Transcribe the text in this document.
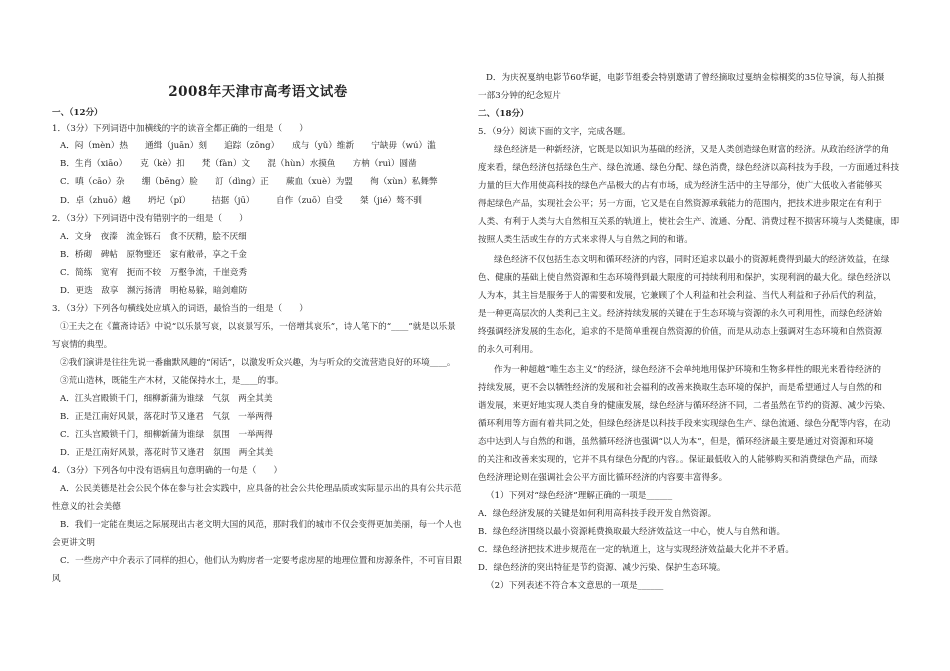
2008年天津市高考语文试卷
一、（12分）
1．（3分）下列词语中加横线的字的读音全都正确的一组是（　　）
A．闷（mèn）热　　通缉（juān）刻　　追踪（zōng）　　成与（yǔ）维新　　宁缺毋（wú）滥
B．生肖（xiāo）　　克（kè）扣　　梵（fàn）文　　混（hùn）水摸鱼　　方枘（ruì）圆凿
C．嗔（cāo）杂　　绷（bēng）脸　　訂（dìng）正　　蕨血（xuè）为盟　　徇（xùn）私舞弊
D．卓（zhuō）越　　坍圮（pǐ）　　　拮据（jū）　　　自作（zuō）自受　　桀（jié）骜不驯
2．（3分）下列词语中没有错别字的一组是（　　）
A．文身　夜溱　流金铄石　食不厌精，脍不厌细
B．桥砌　碑帖　原物璧还　家有敝帚，享之千金
C．简练　宽宥　扼而不较　万壑争流，千崖竞秀
D．更迭　敌享　濒污扬清　明枪易躲，暗剑难防
3．（3分）下列各句横线处应填入的词语，最恰当的一组是（　　）
①王夫之在《薑斋诗话》中说“以乐景写哀，以哀景写乐，一倍增其哀乐”，诗人笔下的“____”就是以乐景
写哀情的典型。
②我们演讲是往往先说一番幽默风趣的“闲话”，以激发听众兴趣，为与听众的交流营造良好的环境____。
③荒山造林，既能生产木材，又能保持水土，是____的事。
A．江头宫殿锁千门，细柳新蒲为谁绿　气氛　两全其美
B．正是江南好风景，落花时节又逢君　气氛　一举两得
C．江头宫殿锁千门，细柳新蒲为谁绿　氛围　一举两得
D．正是江南好风景，落花时节又逢君　氛围　两全其美
4．（3分）下列各句中没有语病且句意明确的一句是（　　）
A．公民美德是社会公民个体在参与社会实践中，应具备的社会公共伦理品质或实际显示出的具有公共示范
性意义的社会美德
B．我们一定能在奥运之际展现出古老文明大国的风范，那时我们的城市不仅会变得更加美丽，每一个人也
会更讲文明
C．一些房产中介表示了同样的担心，他们认为购房者一定要考虑房屋的地理位置和房源条件，不可盲目跟
风
D．为庆祝戛纳电影节60华诞，电影节组委会特别邀请了曾经摘取过戛纳金棕榈奖的35位导演，每人拍摄
一部3分钟的纪念短片
二、（18分）
5．（9分）阅读下面的文字，完成各题。
绿色经济是一种新经济，它既是以知识为基础的经济，又是人类创造绿色财富的经济。从政治经济学的角
度来看，绿色经济包括绿色生产、绿色流通、绿色分配、绿色消费，绿色经济以高科技为手段，一方面通过科技
力量的巨大作用使高科技的绿色产品极大的占有市场，成为经济生活中的主导部分，使广大低收入者能够买
得起绿色产品，实现社会公平；另一方面，它又是在自然资源承载能力的范围内，把技术进步限定在有利于
人类、有利于人类与大自然相互关系的轨道上，使社会生产、流通、分配、消费过程不损害环境与人类健康，即
按照人类生活或生存的方式来求得人与自然之间的和谐。
绿色经济不仅包括生态文明和循环经济的内容，同时还追求以最小的资源耗费得到最大的经济效益，在绿
色、健康的基础上使自然资源和生态环境得到最大限度的可持续利用和保护，实现利润的最大化。绿色经济以
人为本，其主旨是服务于人的需要和发展，它兼顾了个人利益和社会利益、当代人利益和子孙后代的利益，
是一种更高层次的人类利己主义。经济持续发展的关键在于生态环境与资源的永久可利用性，而绿色经济始
终强调经济发展的生态化，追求的不是简单重视自然资源的价值，而是从动态上强调对生态环境和自然资源
的永久可利用。
作为一种超越“唯生态主义”的经济，绿色经济不会单纯地用保护环境和生物多样性的眼光来看待经济的
持续发展，更不会以牺牲经济的发展和社会福利的改善来换取生态环境的保护，而是希望通过人与自然的和
谐发展，来更好地实现人类自身的健康发展，绿色经济与循环经济不同，二者虽然在节约的资源、减少污染、
循环利用等方面有着共同之处，但绿色经济是以科技手段来实现绿色生产、绿色流通、绿色分配等内容，在动
态中达到人与自然的和谐，虽然循环经济也强调“以人为本”，但是，循环经济最主要是通过对资源和环境
的关注和改善来实现的，它并不具有绿色分配的内容。。保证最低收入的人能够购买和消费绿色产品，而绿
色经济理论则在强调社会公平方面比循环经济的内容要丰富得多。
（1）下列对“绿色经济”理解正确的一项是______
A．绿色经济发展的关键是如何利用高科技手段开发自然资源。
B．绿色经济围绕以最小资源耗费换取最大经济效益这一中心，使人与自然和谐。
C．绿色经济把技术进步规范在一定的轨道上，这与实现经济效益最大化并不矛盾。
D．绿色经济的突出特征是节约资源、减少污染、保护生态环境。
（2）下列表述不符合本文意思的一项是______
